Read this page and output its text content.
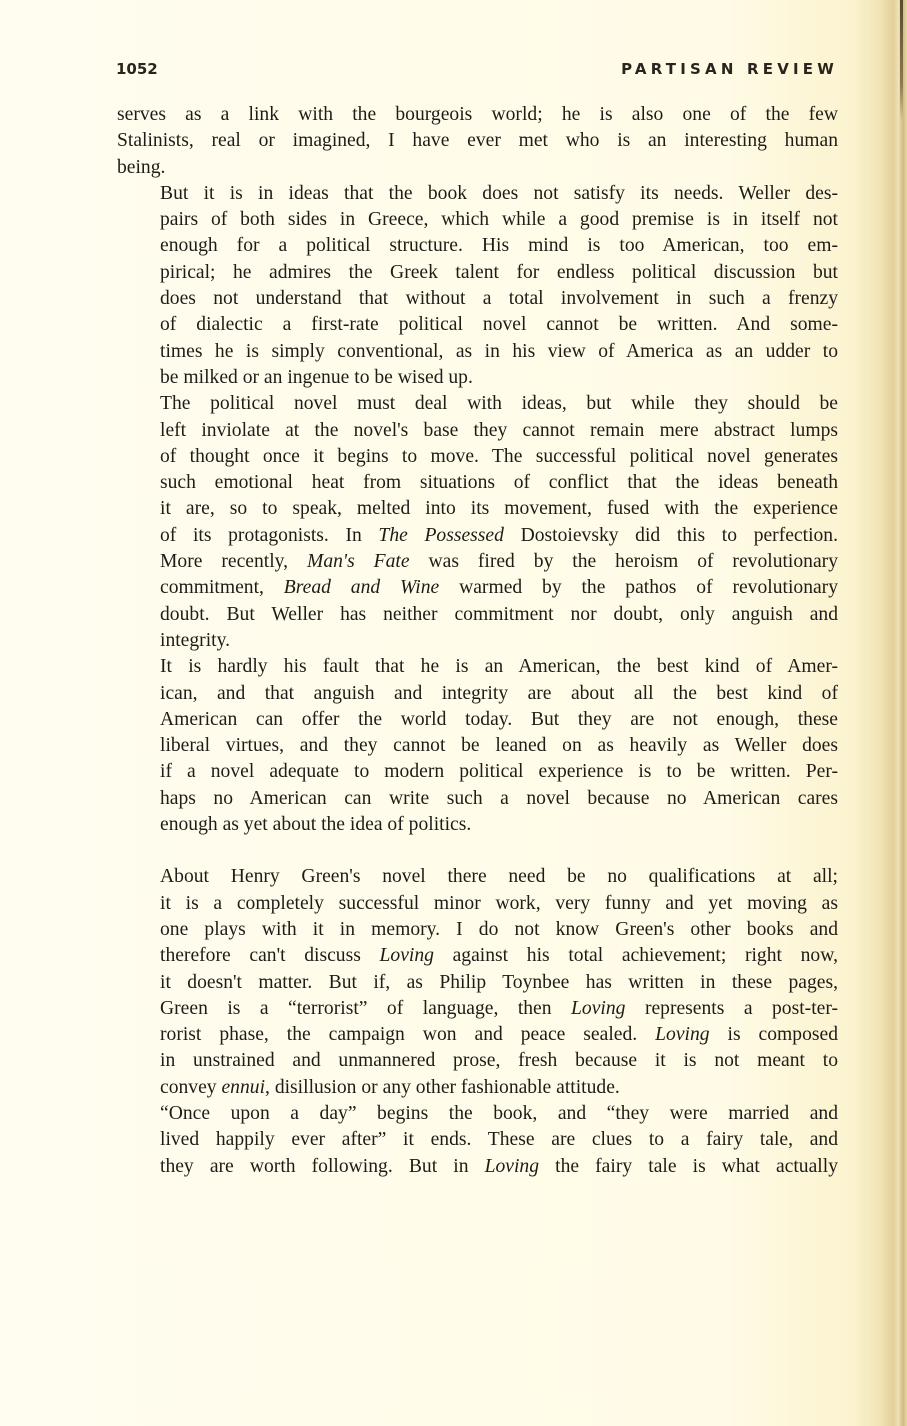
1052	PARTISAN REVIEW

serves as a link with the bourgeois world; he is also one of the few
Stalinists, real or imagined, I have ever met who is an interesting human
being.

But it is in ideas that the book does not satisfy its needs. Weller des-
pairs of both sides in Greece, which while a good premise is in itself not
enough for a political structure. His mind is too American, too em-
pirical; he admires the Greek talent for endless political discussion but
does not understand that without a total involvement in such a frenzy
of dialectic a first-rate political novel cannot be written. And some-
times he is simply conventional, as in his view of America as an udder to
be milked or an ingenue to be wised up.

The political novel must deal with ideas, but while they should be
left inviolate at the novel's base they cannot remain mere abstract lumps
of thought once it begins to move. The successful political novel generates
such emotional heat from situations of conflict that the ideas beneath
it are, so to speak, melted into its movement, fused with the experience
of its protagonists. In The Possessed Dostoievsky did this to perfection.
More recently, Man's Fate was fired by the heroism of revolutionary
commitment, Bread and Wine warmed by the pathos of revolutionary
doubt. But Weller has neither commitment nor doubt, only anguish and
integrity.

It is hardly his fault that he is an American, the best kind of Amer-
ican, and that anguish and integrity are about all the best kind of
American can offer the world today. But they are not enough, these
liberal virtues, and they cannot be leaned on as heavily as Weller does
if a novel adequate to modern political experience is to be written. Per-
haps no American can write such a novel because no American cares
enough as yet about the idea of politics.

About Henry Green's novel there need be no qualifications at all;
it is a completely successful minor work, very funny and yet moving as
one plays with it in memory. I do not know Green's other books and
therefore can't discuss Loving against his total achievement; right now,
it doesn't matter. But if, as Philip Toynbee has written in these pages,
Green is a “terrorist” of language, then Loving represents a post-ter-
rorist phase, the campaign won and peace sealed. Loving is composed
in unstrained and unmannered prose, fresh because it is not meant to
convey ennui, disillusion or any other fashionable attitude.

“Once upon a day” begins the book, and “they were married and
lived happily ever after” it ends. These are clues to a fairy tale, and
they are worth following. But in Loving the fairy tale is what actually
